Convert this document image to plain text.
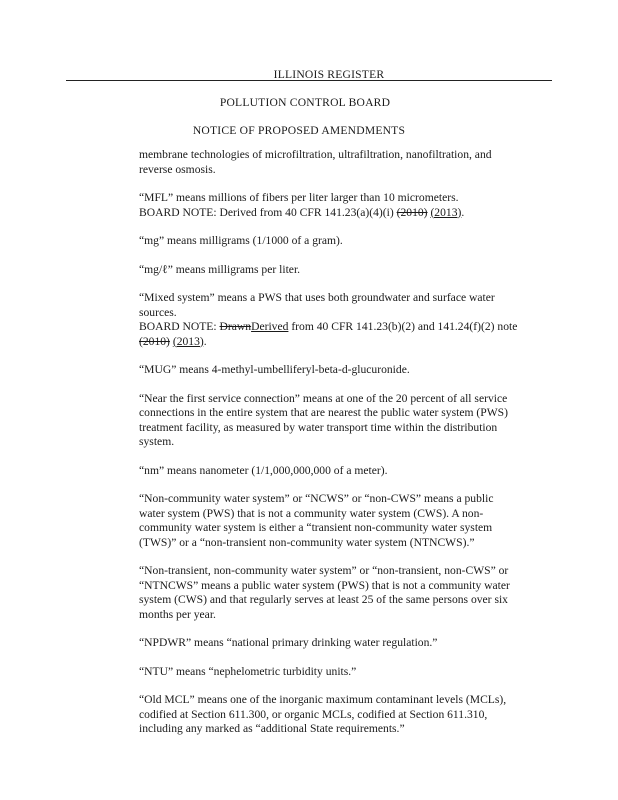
ILLINOIS REGISTER
POLLUTION CONTROL BOARD
NOTICE OF PROPOSED AMENDMENTS

membrane technologies of microfiltration, ultrafiltration, nanofiltration, and reverse osmosis.

“MFL” means millions of fibers per liter larger than 10 micrometers.

BOARD NOTE: Derived from 40 CFR 141.23(a)(4)(i) (2010) (2013).

“mg” means milligrams (1/1000 of a gram).

“mg/ℓ” means milligrams per liter.

“Mixed system” means a PWS that uses both groundwater and surface water sources.

BOARD NOTE: DrawnDerived from 40 CFR 141.23(b)(2) and 141.24(f)(2) note (2010) (2013).

“MUG” means 4-methyl-umbelliferyl-beta-d-glucuronide.

“Near the first service connection” means at one of the 20 percent of all service connections in the entire system that are nearest the public water system (PWS) treatment facility, as measured by water transport time within the distribution system.

“nm” means nanometer (1/1,000,000,000 of a meter).

“Non-community water system” or “NCWS” or “non-CWS” means a public water system (PWS) that is not a community water system (CWS). A non-community water system is either a “transient non-community water system (TWS)” or a “non-transient non-community water system (NTNCWS).”

“Non-transient, non-community water system” or “non-transient, non-CWS” or “NTNCWS” means a public water system (PWS) that is not a community water system (CWS) and that regularly serves at least 25 of the same persons over six months per year.

“NPDWR” means “national primary drinking water regulation.”

“NTU” means “nephelometric turbidity units.”

“Old MCL” means one of the inorganic maximum contaminant levels (MCLs), codified at Section 611.300, or organic MCLs, codified at Section 611.310, including any marked as “additional State requirements.”
